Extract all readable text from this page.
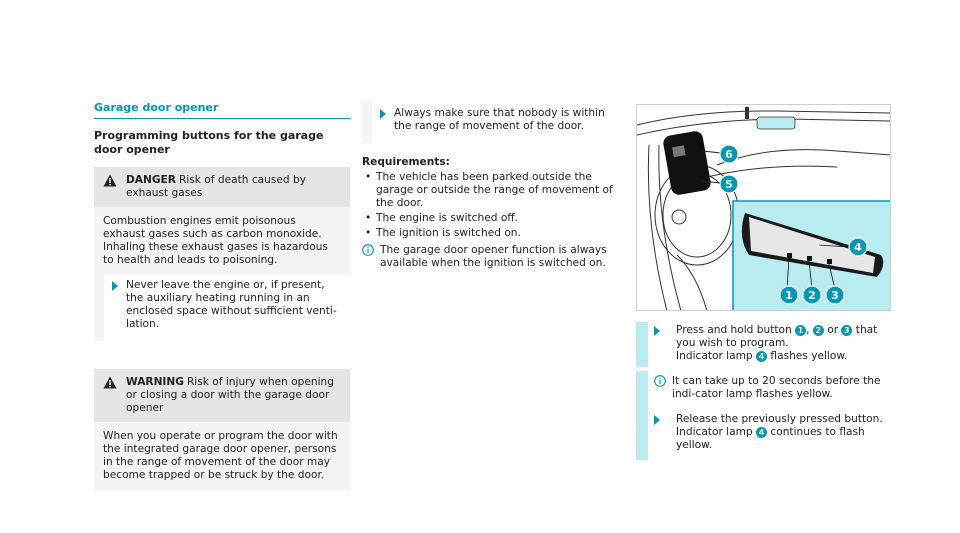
Garage door opener
Programming buttons for the garage door opener
DANGER Risk of death caused by exhaust gases
Combustion engines emit poisonous exhaust gases such as carbon monoxide. Inhaling these exhaust gases is hazardous to health and leads to poisoning.
Never leave the engine or, if present, the auxiliary heating running in an enclosed space without sufficient venti-lation.
WARNING Risk of injury when opening or closing a door with the garage door opener
When you operate or program the door with the integrated garage door opener, persons in the range of movement of the door may become trapped or be struck by the door.
Always make sure that nobody is within the range of movement of the door.
Requirements:
• The vehicle has been parked outside the garage or outside the range of movement of the door.
• The engine is switched off.
• The ignition is switched on.
The garage door opener function is always available when the ignition is switched on.
6
5
4
1 2 3
Press and hold button 1 , 2 or 3 that you wish to program.
Indicator lamp 4 flashes yellow.
It can take up to 20 seconds before the indi-cator lamp flashes yellow.
Release the previously pressed button.
Indicator lamp 4 continues to flash yellow.
